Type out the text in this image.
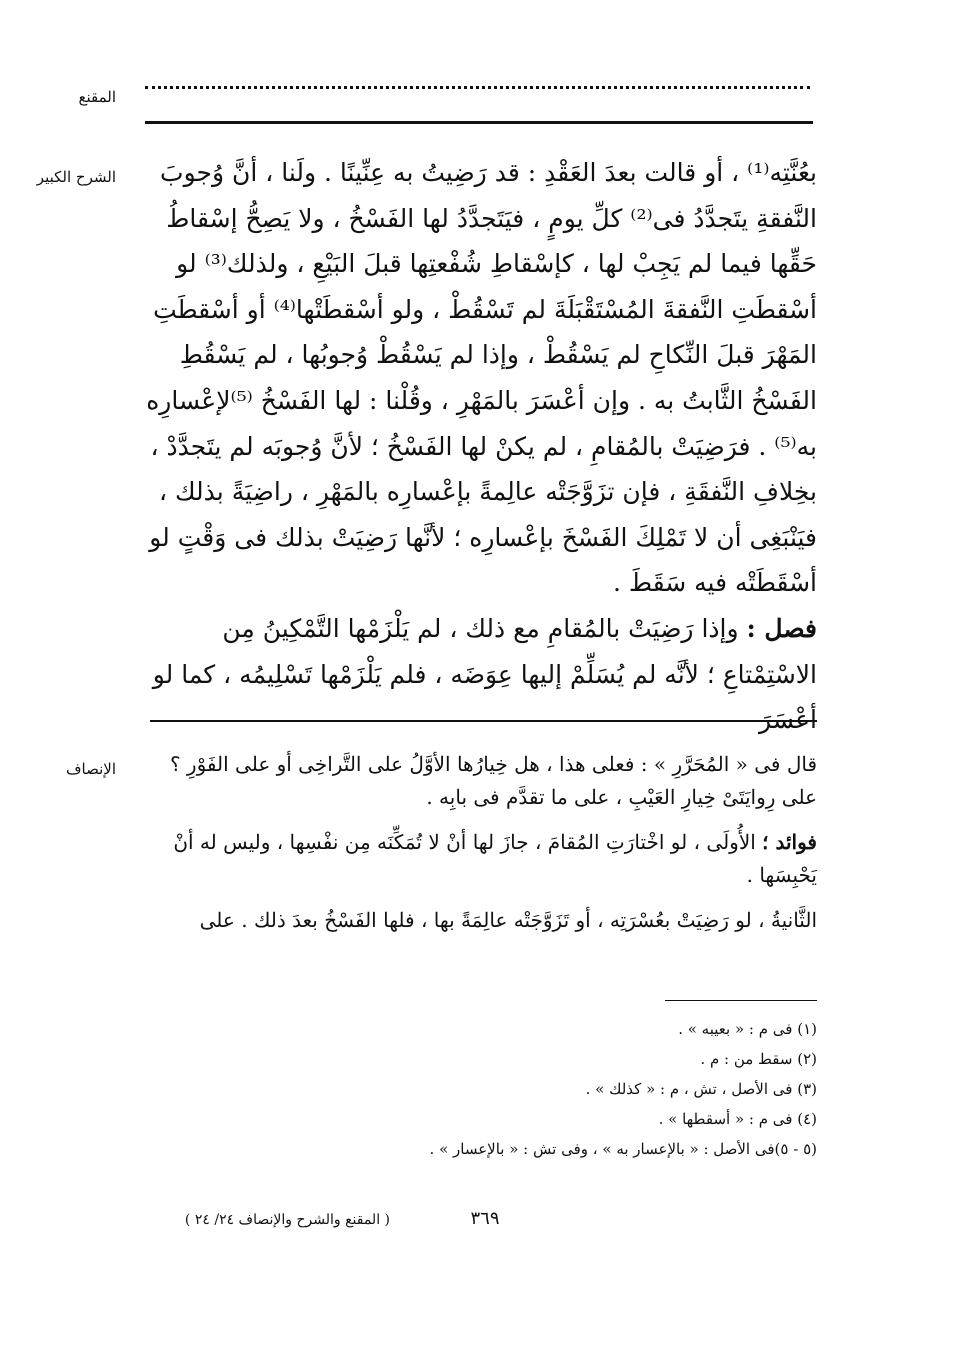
المقنع
الشرح الكبير	بعُنَّتِه⁽¹⁾ ، أو قالت بعدَ العَقْدِ : قد رَضِيتُ به عِنِّينًا . ولَنا ، أنَّ وُجوبَ النَّفقةِ يتَجدَّدُ فى⁽²⁾ كلِّ يومٍ ، فيَتَجدَّدُ لها الفَسْخُ ، ولا يَصِحُّ إسْقاطُ حَقِّها فيما لم يَجِبْ لها ، كإسْقاطِ شُفْعتِها قبلَ البَيْعِ ، ولذلك⁽³⁾ لو أسْقطَتِ النَّفقةَ المُسْتَقْبَلَةَ لم تَسْقُطْ ، ولو أسْقطَتْها⁽⁴⁾ أو أسْقطَتِ المَهْرَ قبلَ النِّكاحِ لم يَسْقُطْ ، وإذا لم يَسْقُطْ وُجوبُها ، لم يَسْقُطِ الفَسْخُ الثَّابتُ به . وإن أعْسَرَ بالمَهْرِ ، وقُلْنا : لها الفَسْخُ ⁽⁵⁾لإعْسارِه به⁽⁵⁾ . فرَضِيَتْ بالمُقامِ ، لم يكنْ لها الفَسْخُ ؛ لأنَّ وُجوبَه لم يتَجدَّدْ ، بخِلافِ النَّفقَةِ ، فإن تزَوَّجَتْه عالِمةً بإعْسارِه بالمَهْرِ ، راضِيَةً بذلك ، فيَنْبَغِى أن لا تَمْلِكَ الفَسْخَ بإعْسارِه ؛ لأنَّها رَضِيَتْ بذلك فى وَقْتٍ لو أسْقَطَتْه فيه سَقَطَ .

فصل : وإذا رَضِيَتْ بالمُقامِ مع ذلك ، لم يَلْزَمْها التَّمْكِينُ مِن الاسْتِمْتاعِ ؛ لأنَّه لم يُسَلِّمْ إليها عِوَضَه ، فلم يَلْزَمْها تَسْلِيمُه ، كما لو أعْسَرَ

الإنصاف	قال فى « المُحَرَّرِ » : فعلى هذا ، هل خِيارُها الأوَّلُ على التَّراخِى أو على الفَوْرِ ؟ على رِوايَتَىْ خِيارِ العَيْبِ ، على ما تقدَّم فى بابِه .

فوائد ؛ الأُولَى ، لو اخْتارَتِ المُقامَ ، جازَ لها أنْ لا تُمَكِّنَه مِن نفْسِها ، وليس له أنْ يَحْبِسَها .

الثَّانيةُ ، لو رَضِيَتْ بعُسْرَتِه ، أو تَزَوَّجَتْه عالِمَةً بها ، فلها الفَسْخُ بعدَ ذلك . على

(١) فى م : « بعيبه » .
(٢) سقط من : م .
(٣) فى الأصل ، تش ، م : « كذلك » .
(٤) فى م : « أسقطها » .
(٥ - ٥)فى الأصل : « بالإعسار به » ، وفى تش : « بالإعسار » .
٣٦٩
( المقنع والشرح والإنصاف ٢٤/ ٢٤ )
